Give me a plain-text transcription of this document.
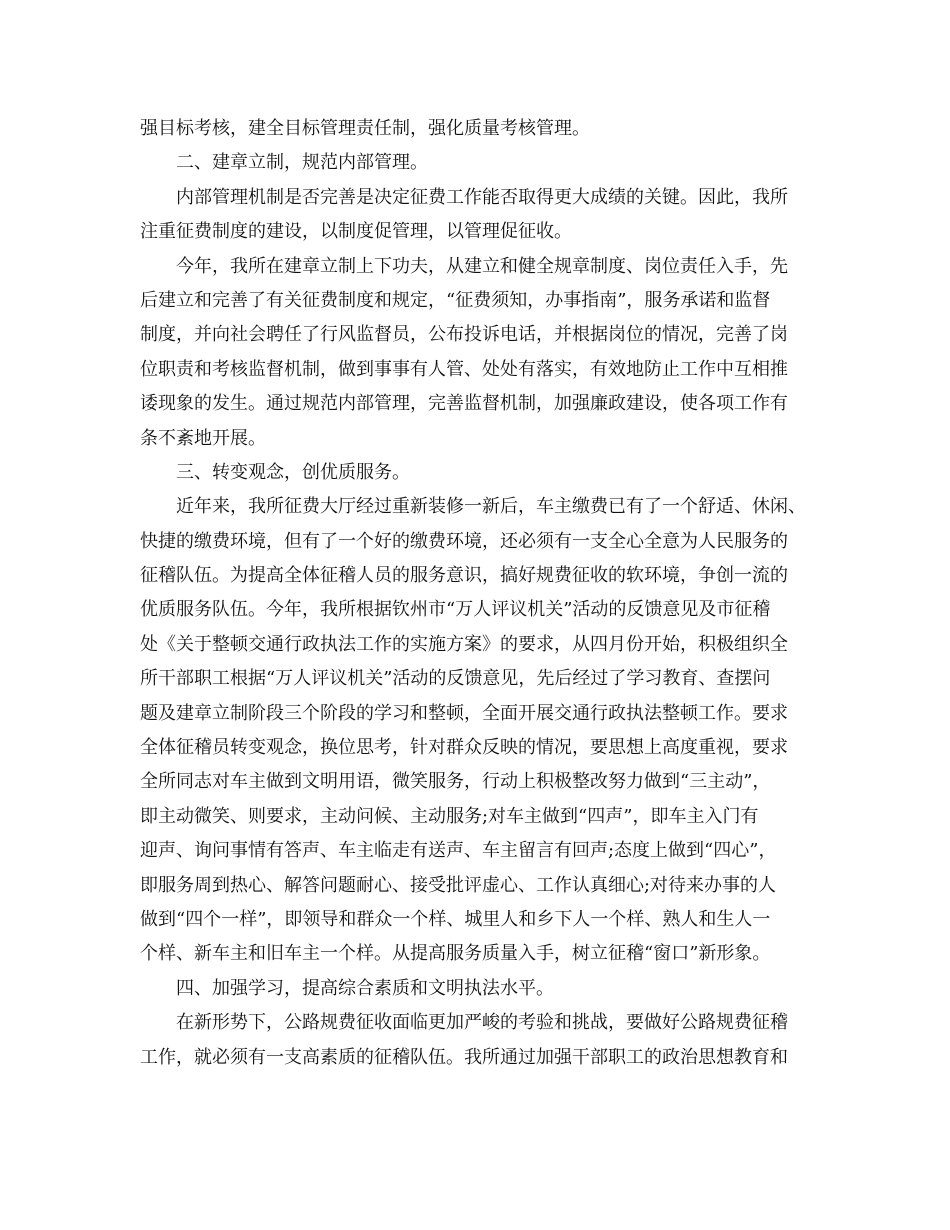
强目标考核，建全目标管理责任制，强化质量考核管理。
二、建章立制，规范内部管理。
内部管理机制是否完善是决定征费工作能否取得更大成绩的关键。因此，我所
注重征费制度的建设，以制度促管理，以管理促征收。
今年，我所在建章立制上下功夫，从建立和健全规章制度、岗位责任入手，先
后建立和完善了有关征费制度和规定，“征费须知，办事指南”，服务承诺和监督
制度，并向社会聘任了行风监督员，公布投诉电话，并根据岗位的情况，完善了岗
位职责和考核监督机制，做到事事有人管、处处有落实，有效地防止工作中互相推
诿现象的发生。通过规范内部管理，完善监督机制，加强廉政建设，使各项工作有
条不紊地开展。
三、转变观念，创优质服务。
近年来，我所征费大厅经过重新装修一新后，车主缴费已有了一个舒适、休闲、
快捷的缴费环境，但有了一个好的缴费环境，还必须有一支全心全意为人民服务的
征稽队伍。为提高全体征稽人员的服务意识，搞好规费征收的软环境，争创一流的
优质服务队伍。今年，我所根据钦州市“万人评议机关”活动的反馈意见及市征稽
处《关于整顿交通行政执法工作的实施方案》的要求，从四月份开始，积极组织全
所干部职工根据“万人评议机关”活动的反馈意见，先后经过了学习教育、查摆问
题及建章立制阶段三个阶段的学习和整顿，全面开展交通行政执法整顿工作。要求
全体征稽员转变观念，换位思考，针对群众反映的情况，要思想上高度重视，要求
全所同志对车主做到文明用语，微笑服务，行动上积极整改努力做到“三主动”，
即主动微笑、则要求，主动问候、主动服务;对车主做到“四声”，即车主入门有
迎声、询问事情有答声、车主临走有送声、车主留言有回声;态度上做到“四心”，
即服务周到热心、解答问题耐心、接受批评虚心、工作认真细心;对待来办事的人
做到“四个一样”，即领导和群众一个样、城里人和乡下人一个样、熟人和生人一
个样、新车主和旧车主一个样。从提高服务质量入手，树立征稽“窗口”新形象。
四、加强学习，提高综合素质和文明执法水平。
在新形势下，公路规费征收面临更加严峻的考验和挑战，要做好公路规费征稽
工作，就必须有一支高素质的征稽队伍。我所通过加强干部职工的政治思想教育和
